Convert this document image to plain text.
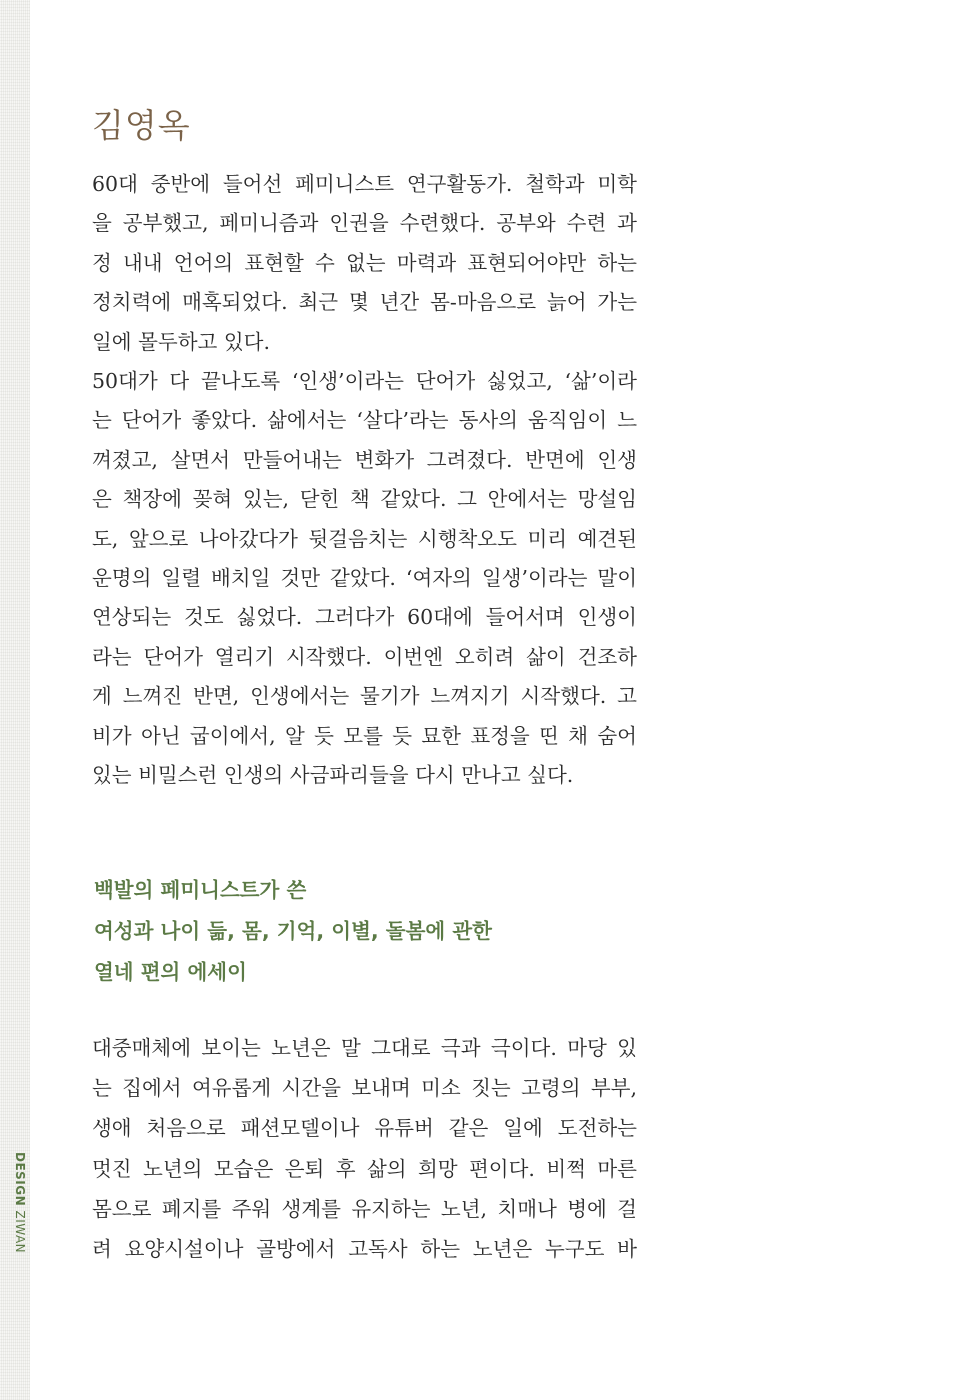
DESIGN ZIWAN
김영옥

60대 중반에 들어선 페미니스트 연구활동가. 철학과 미학
을 공부했고, 페미니즘과 인권을 수련했다. 공부와 수련 과
정 내내 언어의 표현할 수 없는 마력과 표현되어야만 하는
정치력에 매혹되었다. 최근 몇 년간 몸-마음으로 늙어 가는
일에 몰두하고 있다.

50대가 다 끝나도록 ‘인생’이라는 단어가 싫었고, ‘삶’이라
는 단어가 좋았다. 삶에서는 ‘살다’라는 동사의 움직임이 느
껴졌고, 살면서 만들어내는 변화가 그려졌다. 반면에 인생
은 책장에 꽂혀 있는, 닫힌 책 같았다. 그 안에서는 망설임
도, 앞으로 나아갔다가 뒷걸음치는 시행착오도 미리 예견된
운명의 일렬 배치일 것만 같았다. ‘여자의 일생’이라는 말이
연상되는 것도 싫었다. 그러다가 60대에 들어서며 인생이
라는 단어가 열리기 시작했다. 이번엔 오히려 삶이 건조하
게 느껴진 반면, 인생에서는 물기가 느껴지기 시작했다. 고
비가 아닌 굽이에서, 알 듯 모를 듯 묘한 표정을 띤 채 숨어
있는 비밀스런 인생의 사금파리들을 다시 만나고 싶다.

백발의 페미니스트가 쓴
여성과 나이 듦, 몸, 기억, 이별, 돌봄에 관한
열네 편의 에세이
대중매체에 보이는 노년은 말 그대로 극과 극이다. 마당 있
는 집에서 여유롭게 시간을 보내며 미소 짓는 고령의 부부,
생애 처음으로 패션모델이나 유튜버 같은 일에 도전하는
멋진 노년의 모습은 은퇴 후 삶의 희망 편이다. 비쩍 마른
몸으로 폐지를 주워 생계를 유지하는 노년, 치매나 병에 걸
려 요양시설이나 골방에서 고독사 하는 노년은 누구도 바
